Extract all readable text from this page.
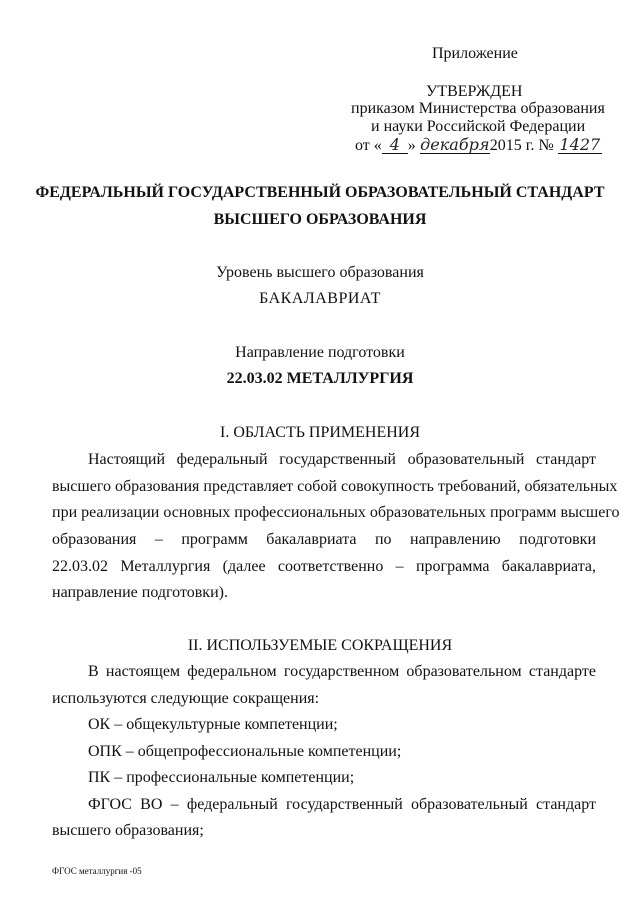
Приложение
УТВЕРЖДЕН
приказом Министерства образования
и науки Российской Федерации
от « 4 » декабря2015 г. № 1427
ФЕДЕРАЛЬНЫЙ ГОСУДАРСТВЕННЫЙ ОБРАЗОВАТЕЛЬНЫЙ СТАНДАРТ
ВЫСШЕГО ОБРАЗОВАНИЯ
Уровень высшего образования
БАКАЛАВРИАТ
Направление подготовки
22.03.02 МЕТАЛЛУРГИЯ
I. ОБЛАСТЬ ПРИМЕНЕНИЯ
Настоящий федеральный государственный образовательный стандарт
высшего образования представляет собой совокупность требований, обязательных
при реализации основных профессиональных образовательных программ высшего
образования – программ бакалавриата по направлению подготовки
22.03.02 Металлургия (далее соответственно – программа бакалавриата,
направление подготовки).
II. ИСПОЛЬЗУЕМЫЕ СОКРАЩЕНИЯ
В настоящем федеральном государственном образовательном стандарте
используются следующие сокращения:
ОК – общекультурные компетенции;
ОПК – общепрофессиональные компетенции;
ПК – профессиональные компетенции;
ФГОС ВО – федеральный государственный образовательный стандарт
высшего образования;
ФГОС металлургия -05
